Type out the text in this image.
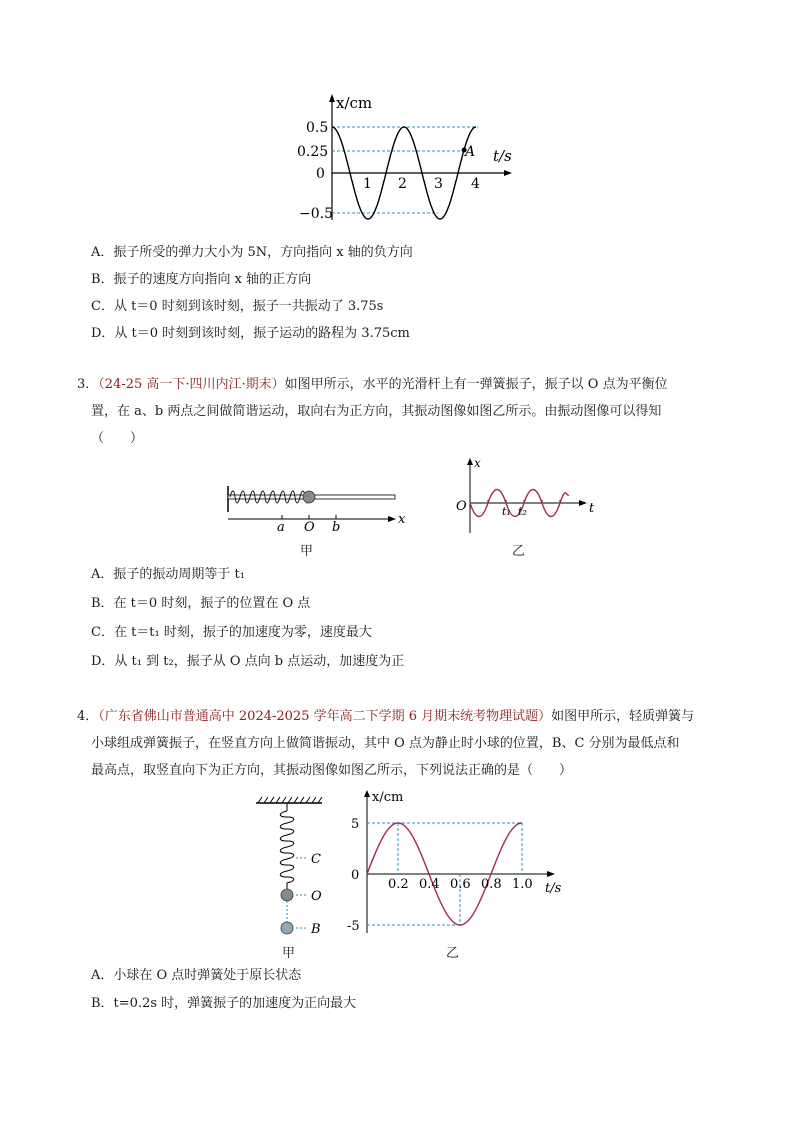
x/cm
t/s
0.5
0.25
0
−0.5
1 2 3 4
A
A．振子所受的弹力大小为 5N，方向指向 x 轴的负方向
B．振子的速度方向指向 x 轴的正方向
C．从 t＝0 时刻到该时刻，振子一共振动了 3.75s
D．从 t＝0 时刻到该时刻，振子运动的路程为 3.75cm
3．（24-25 高一下·四川内江·期末）如图甲所示，水平的光滑杆上有一弹簧振子，振子以 O 点为平衡位
置，在 a、b 两点之间做简谐运动，取向右为正方向，其振动图像如图乙所示。由振动图像可以得知
（　　）
a O b
x
甲
x
O	t₁ t₂	t
乙
A．振子的振动周期等于 t₁
B．在 t＝0 时刻，振子的位置在 O 点
C．在 t＝t₁ 时刻，振子的加速度为零，速度最大
D．从 t₁ 到 t₂，振子从 O 点向 b 点运动，加速度为正
4．（广东省佛山市普通高中 2024-2025 学年高二下学期 6 月期末统考物理试题）如图甲所示，轻质弹簧与
小球组成弹簧振子，在竖直方向上做简谐振动，其中 O 点为静止时小球的位置，B、C 分别为最低点和
最高点，取竖直向下为正方向，其振动图像如图乙所示，下列说法正确的是（　　）
C
O
B
甲
x/cm
t/s
5
0
-5
0.2 0.4 0.6 0.8 1.0
乙
A．小球在 O 点时弹簧处于原长状态
B．t=0.2s 时，弹簧振子的加速度为正向最大
